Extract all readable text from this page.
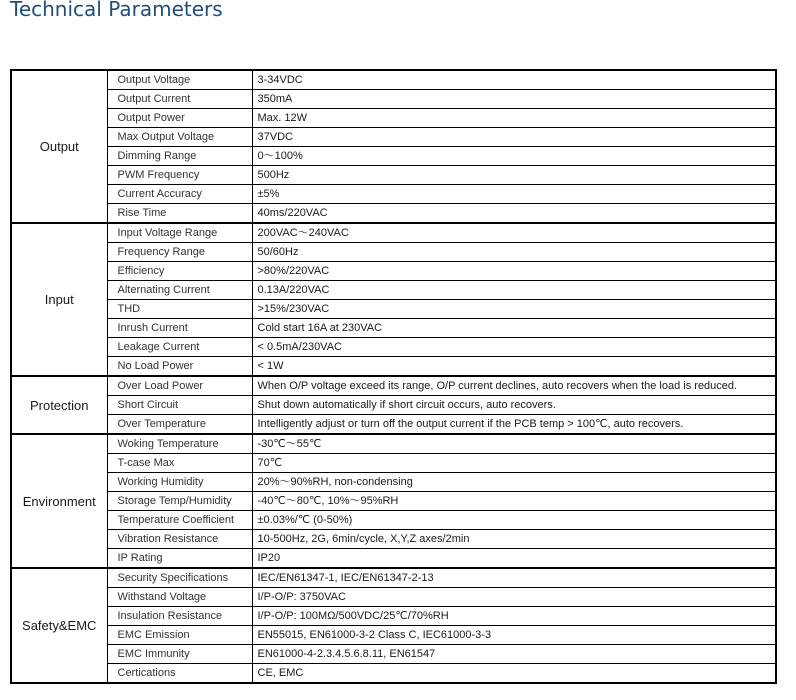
Technical Parameters
Output	Output Voltage	3-34VDC
	Output Current	350mA
	Output Power	Max. 12W
	Max Output Voltage	37VDC
	Dimming Range	0～100%
	PWM Frequency	500Hz
	Current Accuracy	±5%
	Rise Time	40ms/220VAC
Input	Input Voltage Range	200VAC～240VAC
	Frequency Range	50/60Hz
	Efficiency	>80%/220VAC
	Alternating Current	0.13A/220VAC
	THD	>15%/230VAC
	Inrush Current	Cold start 16A at 230VAC
	Leakage Current	< 0.5mA/230VAC
	No Load Power	< 1W
Protection	Over Load Power	When O/P voltage exceed its range, O/P current declines, auto recovers when the load is reduced.
	Short Circuit	Shut down automatically if short circuit occurs, auto recovers.
	Over Temperature	Intelligently adjust or turn off the output current if the PCB temp > 100℃, auto recovers.
Environment	Woking Temperature	-30℃～55℃
	T-case Max	70℃
	Working Humidity	20%～90%RH, non-condensing
	Storage Temp/Humidity	-40℃～80℃, 10%～95%RH
	Temperature Coefficient	±0.03%/℃ (0-50%)
	Vibration Resistance	10-500Hz, 2G, 6min/cycle, X,Y,Z axes/2min
	IP Rating	IP20
Safety&EMC	Security Specifications	IEC/EN61347-1, IEC/EN61347-2-13
	Withstand Voltage	I/P-O/P: 3750VAC
	Insulation Resistance	I/P-O/P: 100MΩ/500VDC/25℃/70%RH
	EMC Emission	EN55015, EN61000-3-2 Class C, IEC61000-3-3
	EMC Immunity	EN61000-4-2.3.4.5.6.8.11, EN61547
	Certications	CE, EMC
